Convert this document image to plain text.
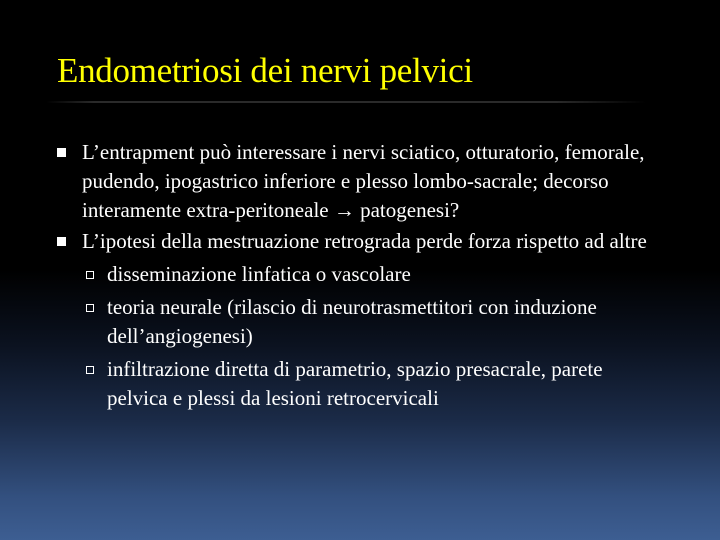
Endometriosi dei nervi pelvici
L’entrapment può interessare i nervi sciatico, otturatorio, femorale, pudendo, ipogastrico inferiore e plesso lombo-sacrale; decorso interamente extra-peritoneale → patogenesi?
L’ipotesi della mestruazione retrograda perde forza rispetto ad altre
disseminazione linfatica o vascolare
teoria neurale (rilascio di neurotrasmettitori con induzione dell’angiogenesi)
infiltrazione diretta di parametrio, spazio presacrale, parete pelvica e plessi da lesioni retrocervicali
